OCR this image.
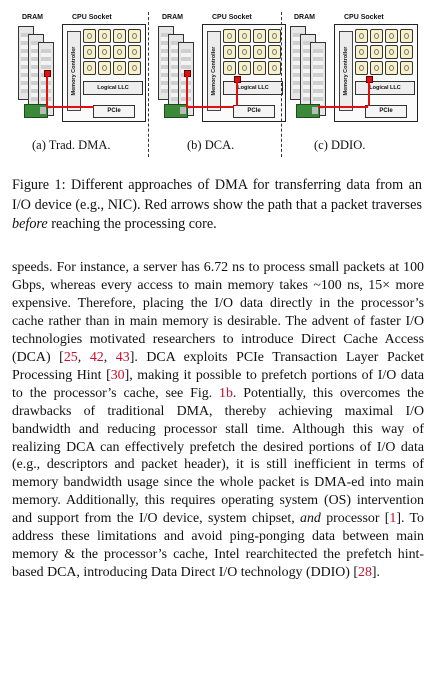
DRAM	CPU Socket
Memory Controller	Logical LLC
PCIe
DRAM	CPU Socket
Memory Controller	Logical LLC
PCIe
DRAM	CPU Socket
Memory Controller	Logical LLC
PCIe
(a) Trad. DMA.	(b) DCA.	(c) DDIO.
Figure 1: Different approaches of DMA for transferring data from an I/O device (e.g., NIC). Red arrows show the path that a packet traverses before reaching the processing core.

speeds. For instance, a server has 6.72 ns to process small packets at 100 Gbps, whereas every access to main memory takes ~100 ns, 15× more expensive. Therefore, placing the I/O data directly in the processor’s cache rather than in main memory is desirable. The advent of faster I/O technologies motivated researchers to introduce Direct Cache Access (DCA) [25, 42, 43]. DCA exploits PCIe Transaction Layer Packet Processing Hint [30], making it possible to prefetch portions of I/O data to the processor’s cache, see Fig. 1b. Potentially, this overcomes the drawbacks of traditional DMA, thereby achieving maximal I/O bandwidth and reducing processor stall time. Although this way of realizing DCA can effectively prefetch the desired portions of I/O data (e.g., descriptors and packet header), it is still inefficient in terms of memory bandwidth usage since the whole packet is DMA-ed into main memory. Additionally, this requires operating system (OS) intervention and support from the I/O device, system chipset, and processor [1]. To address these limitations and avoid ping-ponging data between main memory & the processor’s cache, Intel rearchitected the prefetch hint-based DCA, introducing Data Direct I/O technology (DDIO) [28].
